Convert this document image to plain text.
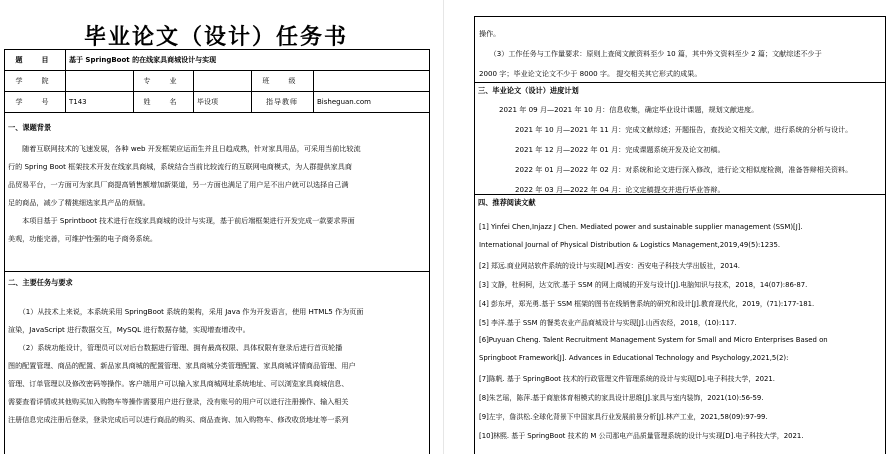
毕业论文（设计）任务书
题　目	基于 SpringBoot 的在线家具商城设计与实现
学　院	专　业	班　级
学　号	T143	姓　名	毕设项	指导教师	Bisheguan.com
一、课题背景
　　随着互联网技术的飞速发展，各种 web 开发框架应运而生并且日趋成熟，针对家具用品，可采用当前比较流
行的 Spring Boot 框架技术开发在线家具商城，系统结合当前比较流行的互联网电商模式，为人群提供家具商
品贸易平台，一方面可为家具厂商提高销售额增加新渠道，另一方面也满足了用户足不出户就可以选择自己满
足的商品，减少了精挑细选家具产品的烦恼。
　　本项目基于 Sprintboot 技术进行在线家具商城的设计与实现，基于前后端框架进行开发完成一款要求界面
美观，功能完善，可维护性强的电子商务系统。
二、主要任务与要求
　　（1）从技术上来说，本系统采用 SpringBoot 系统的架构，采用 Java 作为开发语言，使用 HTML5 作为页面
渲染，JavaScript 进行数据交互，MySQL 进行数据存储，实现增查增改中。
　　（2）系统功能设计，管理员可以对后台数据进行管理、拥有最高权限、具体权限有登录后进行首页轮播
图的配置管理、商品的配置、新品家具商城的配置管理、家具商城分类管理配置、家具商城详情商品管理、用户
管理、订单管理以及修改密码等操作。客户端用户可以输入家具商城网址系统地址、可以浏览家具商城信息、
需要查看详情或其他购买加入购物车等操作需要用户进行登录，没有账号的用户可以进行注册操作、输入相关
注册信息完成注册后登录，登录完成后可以进行商品的购买、商品查询、加入购物车、修改收货地址等一系列
操作。
　　（3）工作任务与工作量要求：原则上查阅文献资料至少 10 篇，其中外文资料至少 2 篇；文献综述不少于
2000 字；毕业论文论文不少于 8000 字。 提交相关其它形式的成果。
三、毕业论文（设计）进度计划
2021 年 09 月—2021 年 10 月：信息收集，确定毕业设计课题，规划文献进度。
2021 年 10 月—2021 年 11 月：完成文献综述；开题报告，查找论文相关文献，进行系统的分析与设计。
2021 年 12 月—2022 年 01 月：完成课题系统开发及论文初稿。
2022 年 01 月—2022 年 02 月：对系统和论文进行深入修改，进行论文相似度检测，准备答辩相关资料。
2022 年 03 月—2022 年 04 月：论文定稿提交并进行毕业答辩。
四、推荐阅读文献
[1] Yinfei Chen,Injazz J Chen. Mediated power and sustainable supplier management (SSM)[J].
International Journal of Physical Distribution & Logistics Management,2019,49(5):1235.
[2] 郑远.商业网站软件系统的设计与实现[M].西安：西安电子科技大学出版社，2014.
[3] 文静，杜柯柯，达文欣.基于 SSM 的网上商城的开发与设计[J].电脑知识与技术，2018，14(07):86-87.
[4] 彭东坪，郑光勇.基于 SSM 框架的图书在线销售系统的研究和设计[J].教育现代化，2019，(71):177-181.
[5] 李洋.基于 SSM 的餐类农业产品商城设计与实现[J].山西农经，2018，(10):117.
[6]Puyuan Cheng. Talent Recruitment Management System for Small and Micro Enterprises Based on
Springboot Framework[J]. Advances in Educational Technology and Psychology,2021,5(2):
[7]陈帆. 基于 SpringBoot 技术的行政管理文件管理系统的设计与实现[D].电子科技大学，2021.
[8]朱艺瑶，陈萍.基于商旅体育相模式的家具设计思维[J].家具与室内装饰，2021(10):56-59.
[9]左宇，詹洪松.全球化背景下中国家具行业发展前景分析[J].林产工业，2021,58(09):97-99.
[10]林熙. 基于 SpringBoot 技术的 M 公司那电产品质量管理系统的设计与实现[D].电子科技大学，2021.
